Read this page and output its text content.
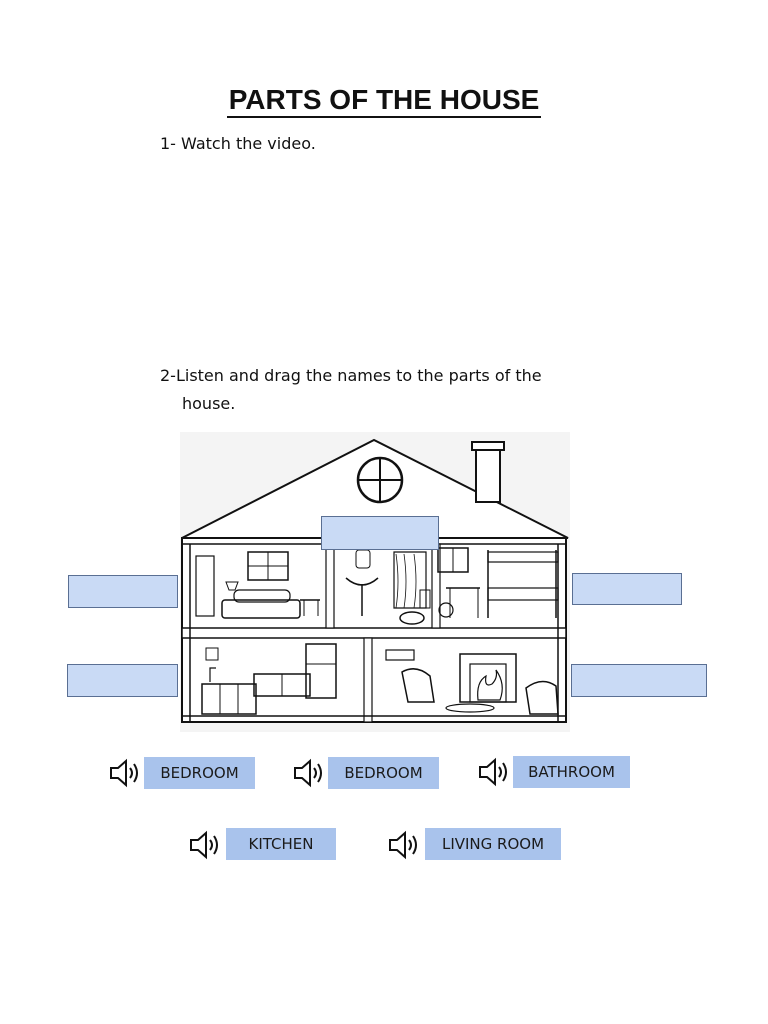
PARTS OF THE HOUSE
1- Watch the video.
2-Listen and drag the names to the parts of the
house.
BEDROOM	BEDROOM	BATHROOM
KITCHEN	LIVING ROOM
